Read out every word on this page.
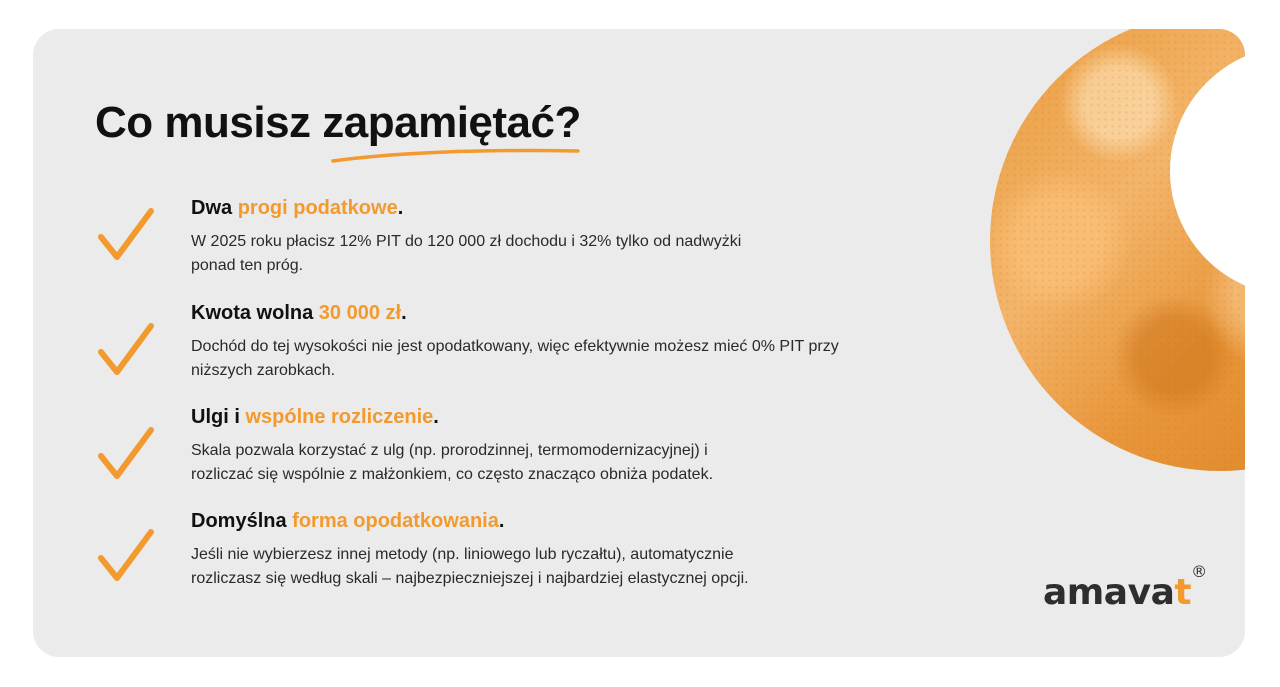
Co musisz zapamiętać?
Dwa progi podatkowe.
W 2025 roku płacisz 12% PIT do 120 000 zł dochodu i 32% tylko od nadwyżki
ponad ten próg.
Kwota wolna 30 000 zł.
Dochód do tej wysokości nie jest opodatkowany, więc efektywnie możesz mieć 0% PIT przy
niższych zarobkach.
Ulgi i wspólne rozliczenie.
Skala pozwala korzystać z ulg (np. prorodzinnej, termomodernizacyjnej) i
rozliczać się wspólnie z małżonkiem, co często znacząco obniża podatek.
Domyślna forma opodatkowania.
Jeśli nie wybierzesz innej metody (np. liniowego lub ryczałtu), automatycznie
rozliczasz się według skali – najbezpieczniejszej i najbardziej elastycznej opcji.	amavat®
